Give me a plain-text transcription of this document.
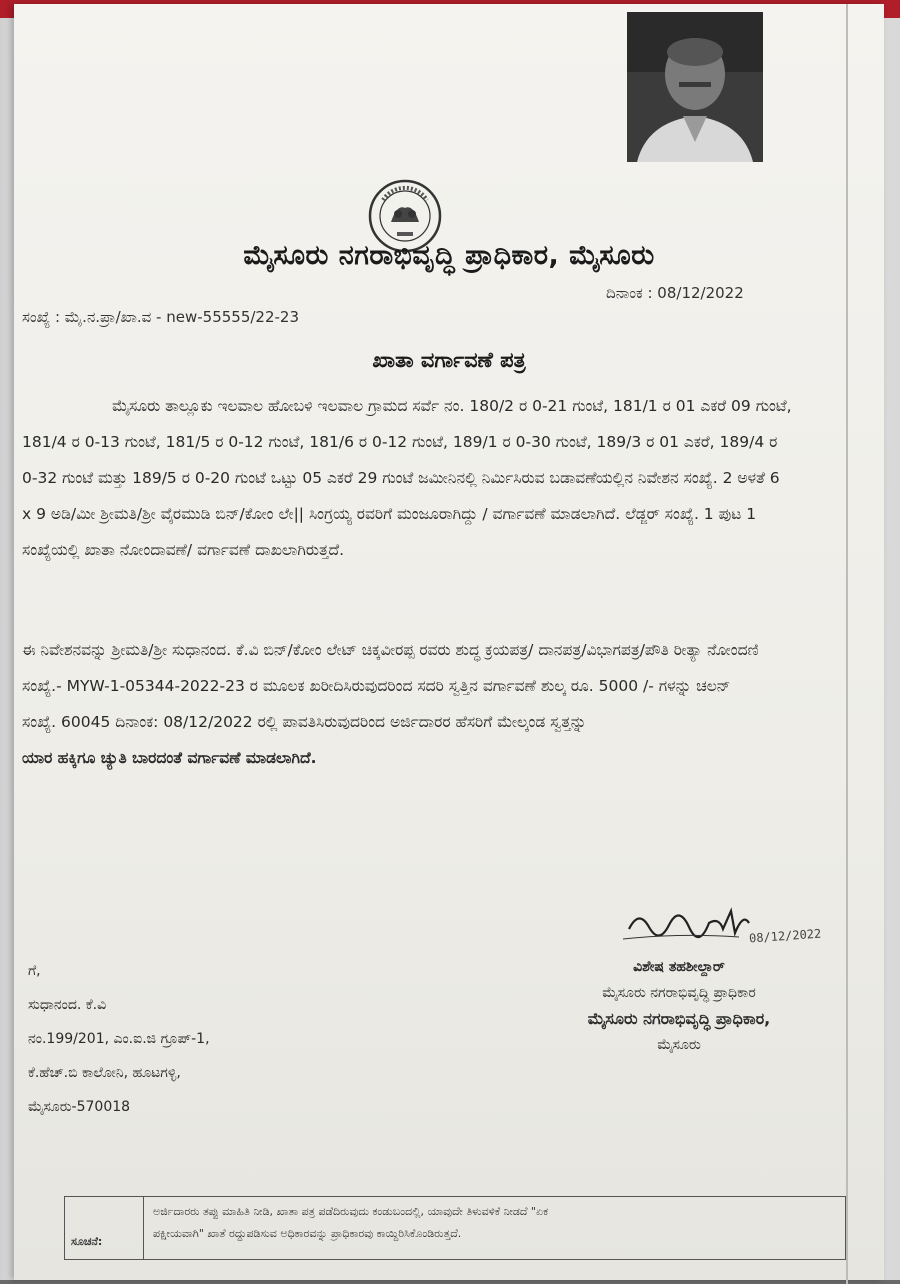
ಮೈಸೂರು ನಗರಾಭಿವೃದ್ಧಿ ಪ್ರಾಧಿಕಾರ, ಮೈಸೂರು
ದಿನಾಂಕ : 08/12/2022
ಸಂಖ್ಯೆ : ಮೈ.ನ.ಪ್ರಾ/ಖಾ.ವ - new-55555/22-23
ಖಾತಾ ವರ್ಗಾವಣೆ ಪತ್ರ
ಮೈಸೂರು ತಾಲ್ಲೂಕು ಇಲವಾಲ ಹೋಬಳಿ ಇಲವಾಲ ಗ್ರಾಮದ ಸರ್ವೆ ನಂ. 180/2 ರ 0-21 ಗುಂಟೆ, 181/1 ರ 01 ಎಕರೆ 09 ಗುಂಟೆ, 181/4 ರ 0-13 ಗುಂಟೆ, 181/5 ರ 0-12 ಗುಂಟೆ, 181/6 ರ 0-12 ಗುಂಟೆ, 189/1 ರ 0-30 ಗುಂಟೆ, 189/3 ರ 01 ಎಕರೆ, 189/4 ರ 0-32 ಗುಂಟೆ ಮತ್ತು 189/5 ರ 0-20 ಗುಂಟೆ ಒಟ್ಟು 05 ಎಕರೆ 29 ಗುಂಟೆ ಜಮೀನಿನಲ್ಲಿ ನಿರ್ಮಿಸಿರುವ ಬಡಾವಣೆಯಲ್ಲಿನ ನಿವೇಶನ ಸಂಖ್ಯೆ. 2 ಅಳತೆ 6 x 9 ಅಡಿ/ಮೀ ಶ್ರೀಮತಿ/ಶ್ರೀ ವೈರಮುಡಿ ಬಿನ್/ಕೋಂ ಲೇ|| ಸಿಂಗ್ರಯ್ಯ ರವರಿಗೆ ಮಂಜೂರಾಗಿದ್ದು / ವರ್ಗಾವಣೆ ಮಾಡಲಾಗಿದೆ. ಲೆಡ್ಜರ್ ಸಂಖ್ಯೆ. 1 ಪುಟ 1 ಸಂಖ್ಯೆಯಲ್ಲಿ ಖಾತಾ ನೋಂದಾವಣೆ/ ವರ್ಗಾವಣೆ ದಾಖಲಾಗಿರುತ್ತದೆ.
ಈ ನಿವೇಶನವನ್ನು ಶ್ರೀಮತಿ/ಶ್ರೀ ಸುಧಾನಂದ. ಕೆ.ವಿ ಬಿನ್/ಕೋಂ ಲೇಟ್ ಚಿಕ್ಕವೀರಪ್ಪ ರವರು ಶುದ್ಧ ಕ್ರಯಪತ್ರ/ ದಾನಪತ್ರ/ವಿಭಾಗಪತ್ರ/ಪೌತಿ ರೀತ್ಯಾ ನೋಂದಣಿ ಸಂಖ್ಯೆ.- MYW-1-05344-2022-23 ರ ಮೂಲಕ ಖರೀದಿಸಿರುವುದರಿಂದ ಸದರಿ ಸ್ವತ್ತಿನ ವರ್ಗಾವಣೆ ಶುಲ್ಕ ರೂ. 5000 /- ಗಳನ್ನು ಚಲನ್ ಸಂಖ್ಯೆ. 60045 ದಿನಾಂಕ: 08/12/2022 ರಲ್ಲಿ ಪಾವತಿಸಿರುವುದರಿಂದ ಅರ್ಜಿದಾರರ ಹೆಸರಿಗೆ ಮೇಲ್ಕಂಡ ಸ್ವತ್ತನ್ನು
ಯಾರ ಹಕ್ಕಿಗೂ ಚ್ಯುತಿ ಬಾರದಂತೆ ವರ್ಗಾವಣೆ ಮಾಡಲಾಗಿದೆ.
ಗೆ,
ಸುಧಾನಂದ. ಕೆ.ವಿ
ನಂ.199/201, ಎಂ.ಐ.ಜಿ ಗ್ರೂಪ್-1,
ಕೆ.ಹೆಚ್.ಬಿ ಕಾಲೋನಿ, ಹೂಟಗಳ್ಳಿ,
ಮೈಸೂರು-570018
08/12/2022
ವಿಶೇಷ ತಹಶೀಲ್ದಾರ್
ಮೈಸೂರು ನಗರಾಭಿವೃದ್ಧಿ ಪ್ರಾಧಿಕಾರ
ಮೈಸೂರು ನಗರಾಭಿವೃದ್ಧಿ ಪ್ರಾಧಿಕಾರ,
ಮೈಸೂರು
ಸೂಚನೆ:
ಅರ್ಜಿದಾರರು ತಪ್ಪು ಮಾಹಿತಿ ನೀಡಿ, ಖಾತಾ ಪತ್ರ ಪಡೆದಿರುವುದು ಕಂಡುಬಂದಲ್ಲಿ, ಯಾವುದೇ ತಿಳುವಳಿಕೆ ನೀಡದೆ "ಏಕ
ಪಕ್ಷೀಯವಾಗಿ" ಖಾತೆ ರದ್ದುಪಡಿಸುವ ಅಧಿಕಾರವನ್ನು ಪ್ರಾಧಿಕಾರವು ಕಾಯ್ದಿರಿಸಿಕೊಂಡಿರುತ್ತದೆ.
